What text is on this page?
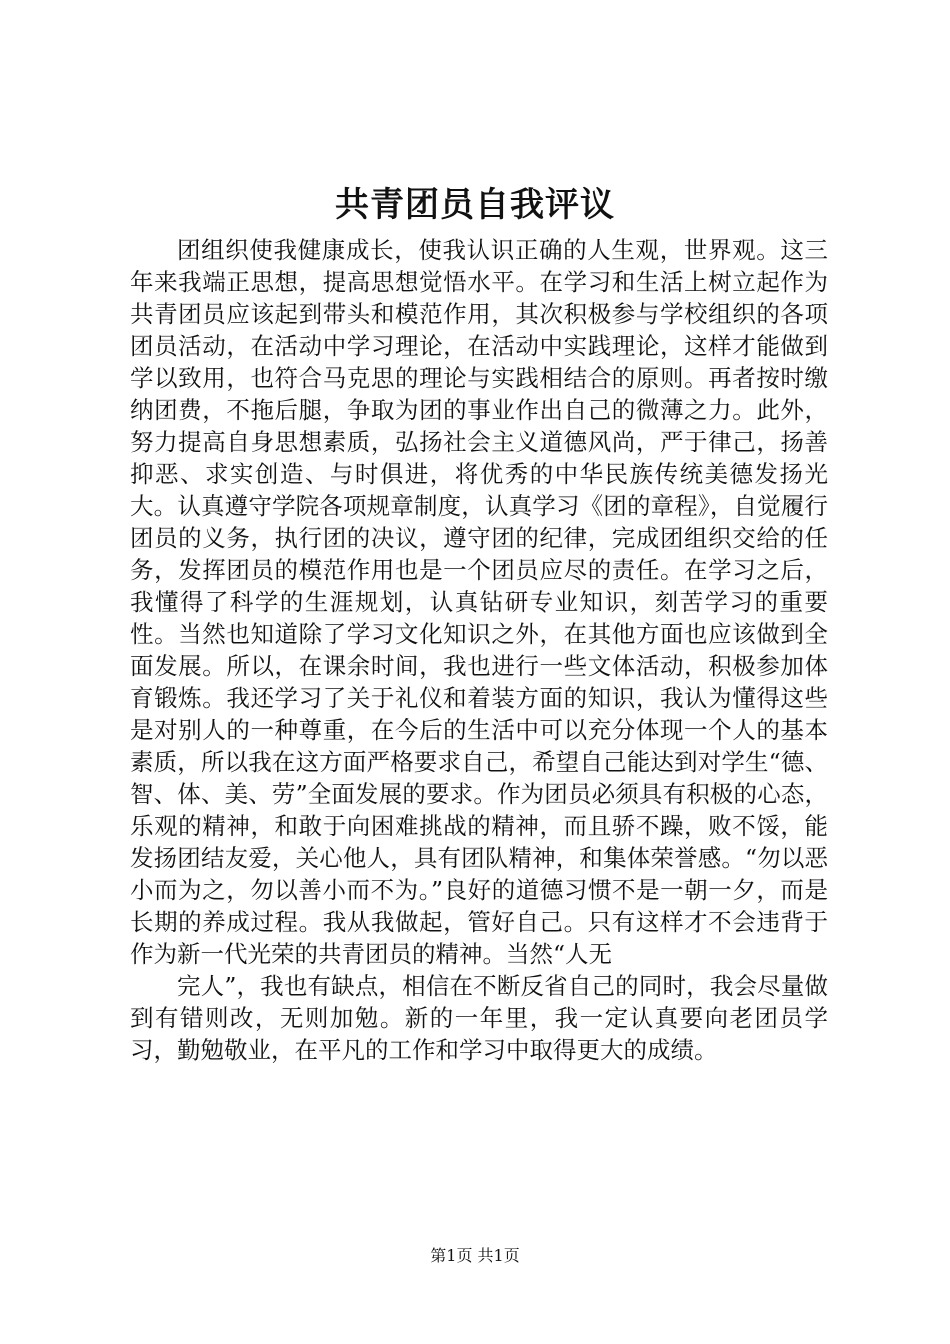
共青团员自我评议

团组织使我健康成长，使我认识正确的人生观，世界观。这三年来我端正思想，提高思想觉悟水平。在学习和生活上树立起作为共青团员应该起到带头和模范作用，其次积极参与学校组织的各项团员活动，在活动中学习理论，在活动中实践理论，这样才能做到学以致用，也符合马克思的理论与实践相结合的原则。再者按时缴纳团费，不拖后腿，争取为团的事业作出自己的微薄之力。此外，努力提高自身思想素质，弘扬社会主义道德风尚，严于律己，扬善抑恶、求实创造、与时俱进，将优秀的中华民族传统美德发扬光大。认真遵守学院各项规章制度，认真学习《团的章程》，自觉履行团员的义务，执行团的决议，遵守团的纪律，完成团组织交给的任务，发挥团员的模范作用也是一个团员应尽的责任。在学习之后，我懂得了科学的生涯规划，认真钻研专业知识，刻苦学习的重要性。当然也知道除了学习文化知识之外，在其他方面也应该做到全面发展。所以，在课余时间，我也进行一些文体活动，积极参加体育锻炼。我还学习了关于礼仪和着装方面的知识，我认为懂得这些是对别人的一种尊重，在今后的生活中可以充分体现一个人的基本素质，所以我在这方面严格要求自己，希望自己能达到对学生“德、智、体、美、劳”全面发展的要求。作为团员必须具有积极的心态，乐观的精神，和敢于向困难挑战的精神，而且骄不躁，败不馁，能发扬团结友爱，关心他人，具有团队精神，和集体荣誉感。“勿以恶小而为之，勿以善小而不为。”良好的道德习惯不是一朝一夕，而是长期的养成过程。我从我做起，管好自己。只有这样才不会违背于作为新一代光荣的共青团员的精神。当然“人无

完人”，我也有缺点，相信在不断反省自己的同时，我会尽量做到有错则改，无则加勉。新的一年里，我一定认真要向老团员学习，勤勉敬业，在平凡的工作和学习中取得更大的成绩。

第1页 共1页
